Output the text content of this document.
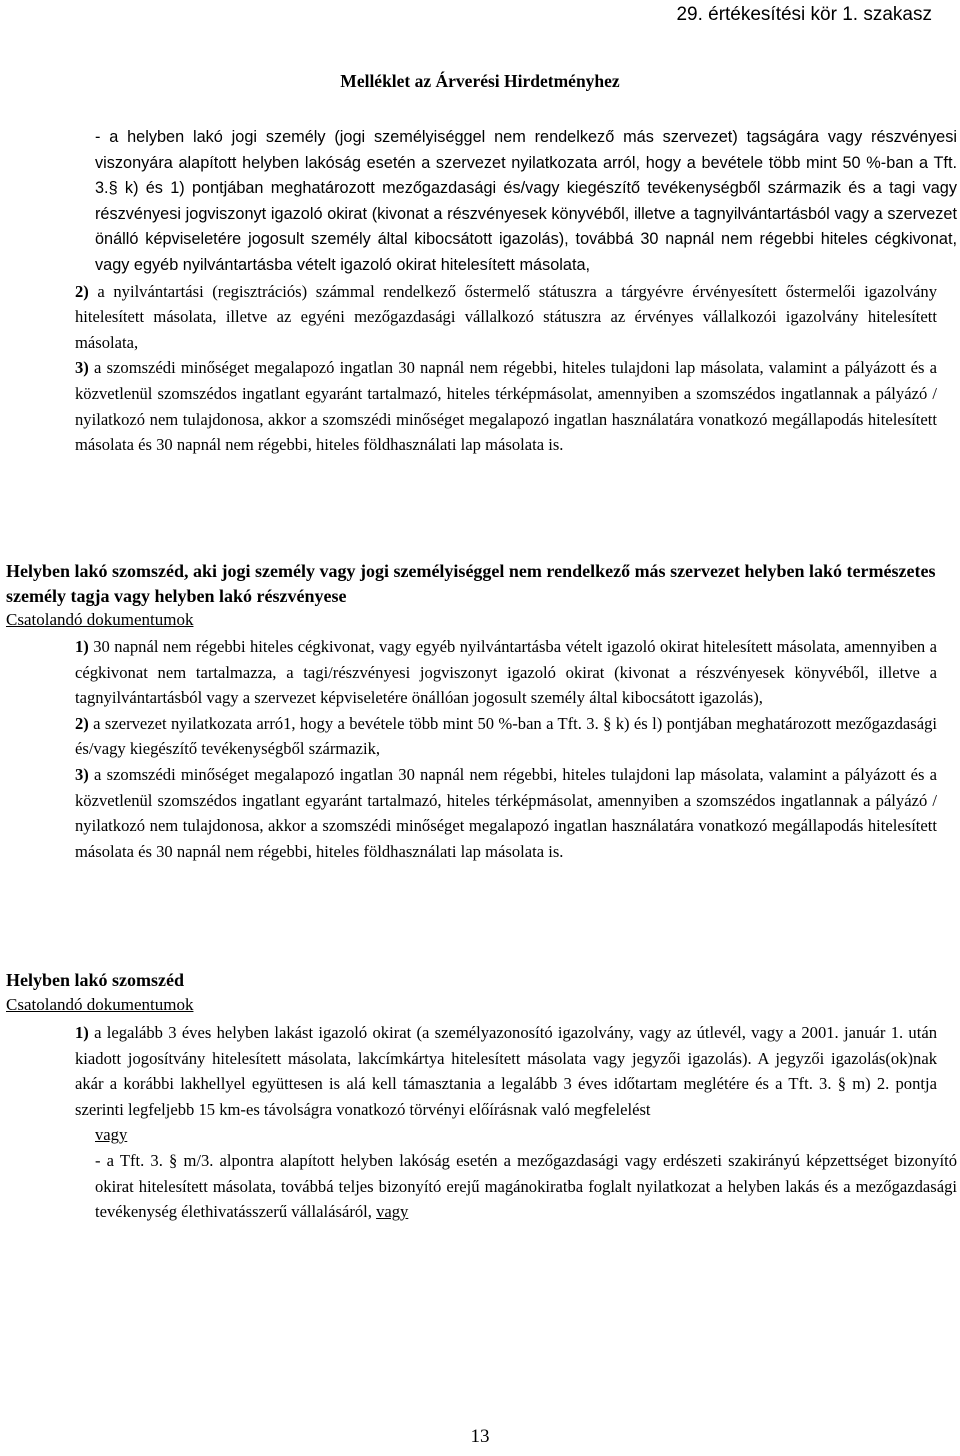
29. értékesítési kör 1. szakasz
Melléklet az Árverési Hirdetményhez

- a helyben lakó jogi személy (jogi személyiséggel nem rendelkező más szervezet) tagságára vagy részvényesi viszonyára alapított helyben lakóság esetén a szervezet nyilatkozata arról, hogy a bevétele több mint 50 %-ban a Tft. 3.§ k) és 1) pontjában meghatározott mezőgazdasági és/vagy kiegészítő tevékenységből származik és a tagi vagy részvényesi jogviszonyt igazoló okirat (kivonat a részvényesek könyvéből, illetve a tagnyilvántartásból vagy a szervezet önálló képviseletére jogosult személy által kibocsátott igazolás), továbbá 30 napnál nem régebbi hiteles cégkivonat, vagy egyéb nyilvántartásba vételt igazoló okirat hitelesített másolata,

2) a nyilvántartási (regisztrációs) számmal rendelkező őstermelő státuszra a tárgyévre érvényesített őstermelői igazolvány hitelesített másolata, illetve az egyéni mezőgazdasági vállalkozó státuszra az érvényes vállalkozói igazolvány hitelesített másolata,

3) a szomszédi minőséget megalapozó ingatlan 30 napnál nem régebbi, hiteles tulajdoni lap másolata, valamint a pályázott és a közvetlenül szomszédos ingatlant egyaránt tartalmazó, hiteles térképmásolat, amennyiben a szomszédos ingatlannak a pályázó / nyilatkozó nem tulajdonosa, akkor a szomszédi minőséget megalapozó ingatlan használatára vonatkozó megállapodás hitelesített másolata és 30 napnál nem régebbi, hiteles földhasználati lap másolata is.

Helyben lakó szomszéd, aki jogi személy vagy jogi személyiséggel nem rendelkező más szervezet helyben lakó természetes személy tagja vagy helyben lakó részvényese
Csatolandó dokumentumok

1) 30 napnál nem régebbi hiteles cégkivonat, vagy egyéb nyilvántartásba vételt igazoló okirat hitelesített másolata, amennyiben a cégkivonat nem tartalmazza, a tagi/részvényesi jogviszonyt igazoló okirat (kivonat a részvényesek könyvéből, illetve a tagnyilvántartásból vagy a szervezet képviseletére önállóan jogosult személy által kibocsátott igazolás),

2) a szervezet nyilatkozata arró1, hogy a bevétele több mint 50 %-ban a Tft. 3. § k) és l) pontjában meghatározott mezőgazdasági és/vagy kiegészítő tevékenységből származik,

3) a szomszédi minőséget megalapozó ingatlan 30 napnál nem régebbi, hiteles tulajdoni lap másolata, valamint a pályázott és a közvetlenül szomszédos ingatlant egyaránt tartalmazó, hiteles térképmásolat, amennyiben a szomszédos ingatlannak a pályázó / nyilatkozó nem tulajdonosa, akkor a szomszédi minőséget megalapozó ingatlan használatára vonatkozó megállapodás hitelesített másolata és 30 napnál nem régebbi, hiteles földhasználati lap másolata is.

Helyben lakó szomszéd
Csatolandó dokumentumok

1) a legalább 3 éves helyben lakást igazoló okirat (a személyazonosító igazolvány, vagy az útlevél, vagy a 2001. január 1. után kiadott jogosítvány hitelesített másolata, lakcímkártya hitelesített másolata vagy jegyzői igazolás). A jegyzői igazolás(ok)nak akár a korábbi lakhellyel együttesen is alá kell támasztania a legalább 3 éves időtartam meglétére és a Tft. 3. § m) 2. pontja szerinti legfeljebb 15 km-es távolságra vonatkozó törvényi előírásnak való megfelelést

vagy

- a Tft. 3. § m/3. alpontra alapított helyben lakóság esetén a mezőgazdasági vagy erdészeti szakirányú képzettséget bizonyító okirat hitelesített másolata, továbbá teljes bizonyító erejű magánokiratba foglalt nyilatkozat a helyben lakás és a mezőgazdasági tevékenység élethivatásszerű vállalásáról, vagy

13
